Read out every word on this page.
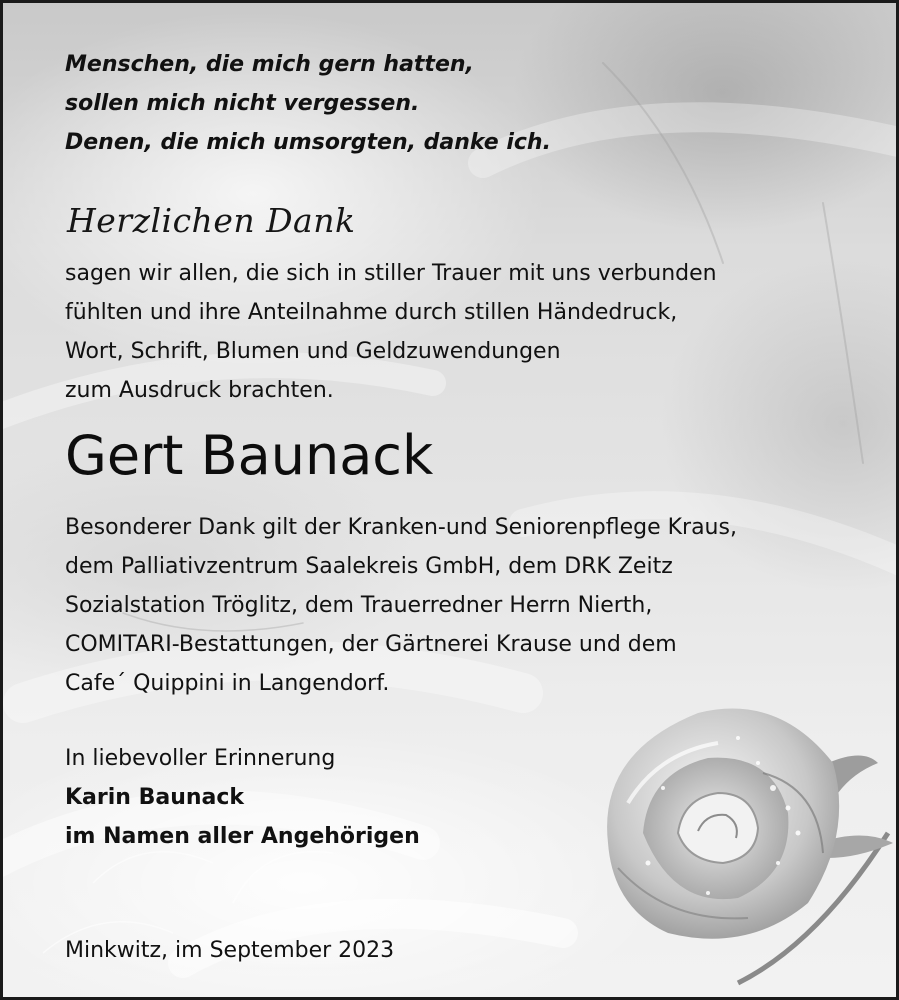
Menschen, die mich gern hatten,
sollen mich nicht vergessen.
Denen, die mich umsorgten, danke ich.
Herzlichen Dank
sagen wir allen, die sich in stiller Trauer mit uns verbunden
fühlten und ihre Anteilnahme durch stillen Händedruck,
Wort, Schrift, Blumen und Geldzuwendungen
zum Ausdruck brachten.
Gert Baunack
Besonderer Dank gilt der Kranken-und Seniorenpflege Kraus,
dem Palliativzentrum Saalekreis GmbH, dem DRK Zeitz
Sozialstation Tröglitz, dem Trauerredner Herrn Nierth,
COMITARI-Bestattungen, der Gärtnerei Krause und dem
Cafe´ Quippini in Langendorf.
In liebevoller Erinnerung
Karin Baunack
im Namen aller Angehörigen
Minkwitz, im September 2023
